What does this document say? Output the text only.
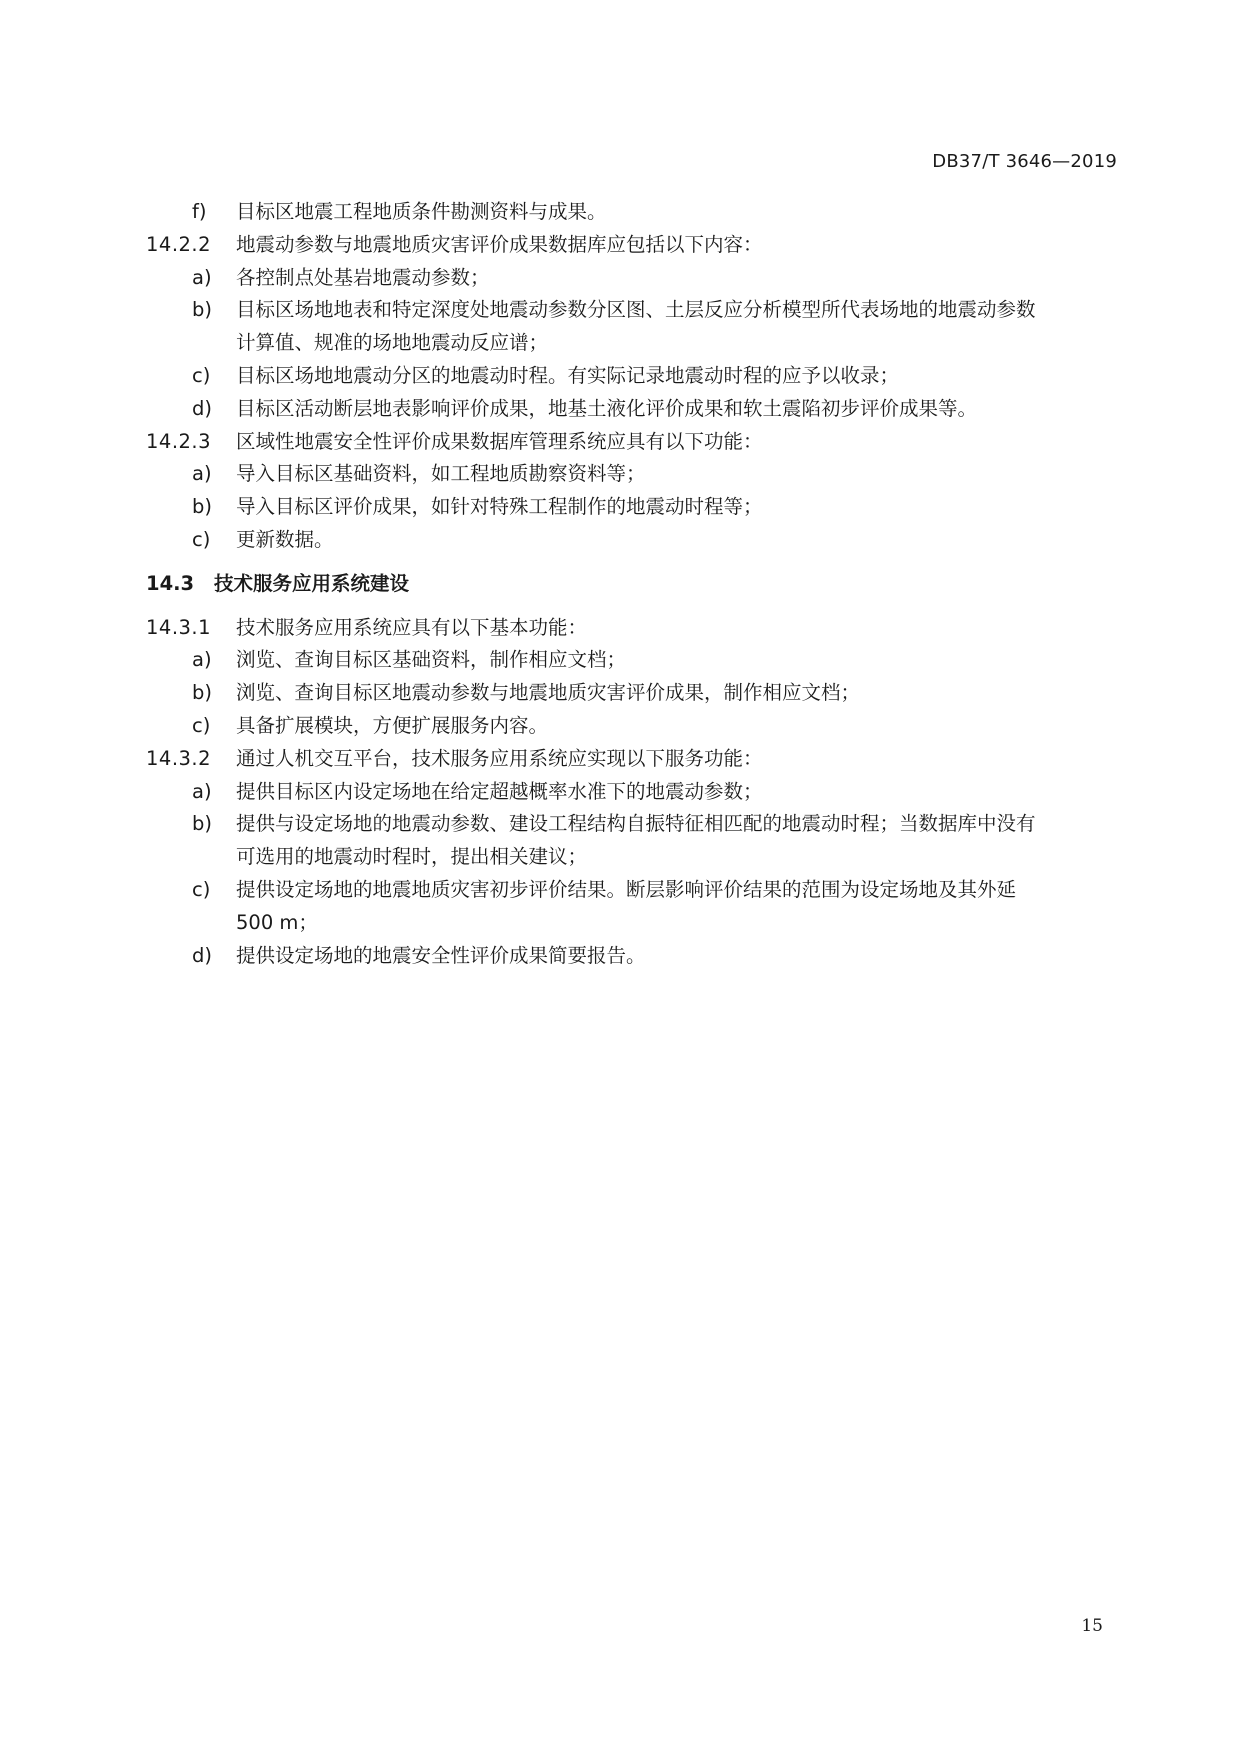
DB37/T 3646—2019
f) 目标区地震工程地质条件勘测资料与成果。
14.2.2 地震动参数与地震地质灾害评价成果数据库应包括以下内容：
a) 各控制点处基岩地震动参数；
b) 目标区场地地表和特定深度处地震动参数分区图、土层反应分析模型所代表场地的地震动参数
计算值、规准的场地地震动反应谱；
c) 目标区场地地震动分区的地震动时程。有实际记录地震动时程的应予以收录；
d) 目标区活动断层地表影响评价成果，地基土液化评价成果和软土震陷初步评价成果等。
14.2.3 区域性地震安全性评价成果数据库管理系统应具有以下功能：
a) 导入目标区基础资料，如工程地质勘察资料等；
b) 导入目标区评价成果，如针对特殊工程制作的地震动时程等；
c) 更新数据。
14.3 技术服务应用系统建设
14.3.1 技术服务应用系统应具有以下基本功能：
a) 浏览、查询目标区基础资料，制作相应文档；
b) 浏览、查询目标区地震动参数与地震地质灾害评价成果，制作相应文档；
c) 具备扩展模块，方便扩展服务内容。
14.3.2 通过人机交互平台，技术服务应用系统应实现以下服务功能：
a) 提供目标区内设定场地在给定超越概率水准下的地震动参数；
b) 提供与设定场地的地震动参数、建设工程结构自振特征相匹配的地震动时程；当数据库中没有
可选用的地震动时程时，提出相关建议；
c) 提供设定场地的地震地质灾害初步评价结果。断层影响评价结果的范围为设定场地及其外延
500 m；
d) 提供设定场地的地震安全性评价成果简要报告。
15
